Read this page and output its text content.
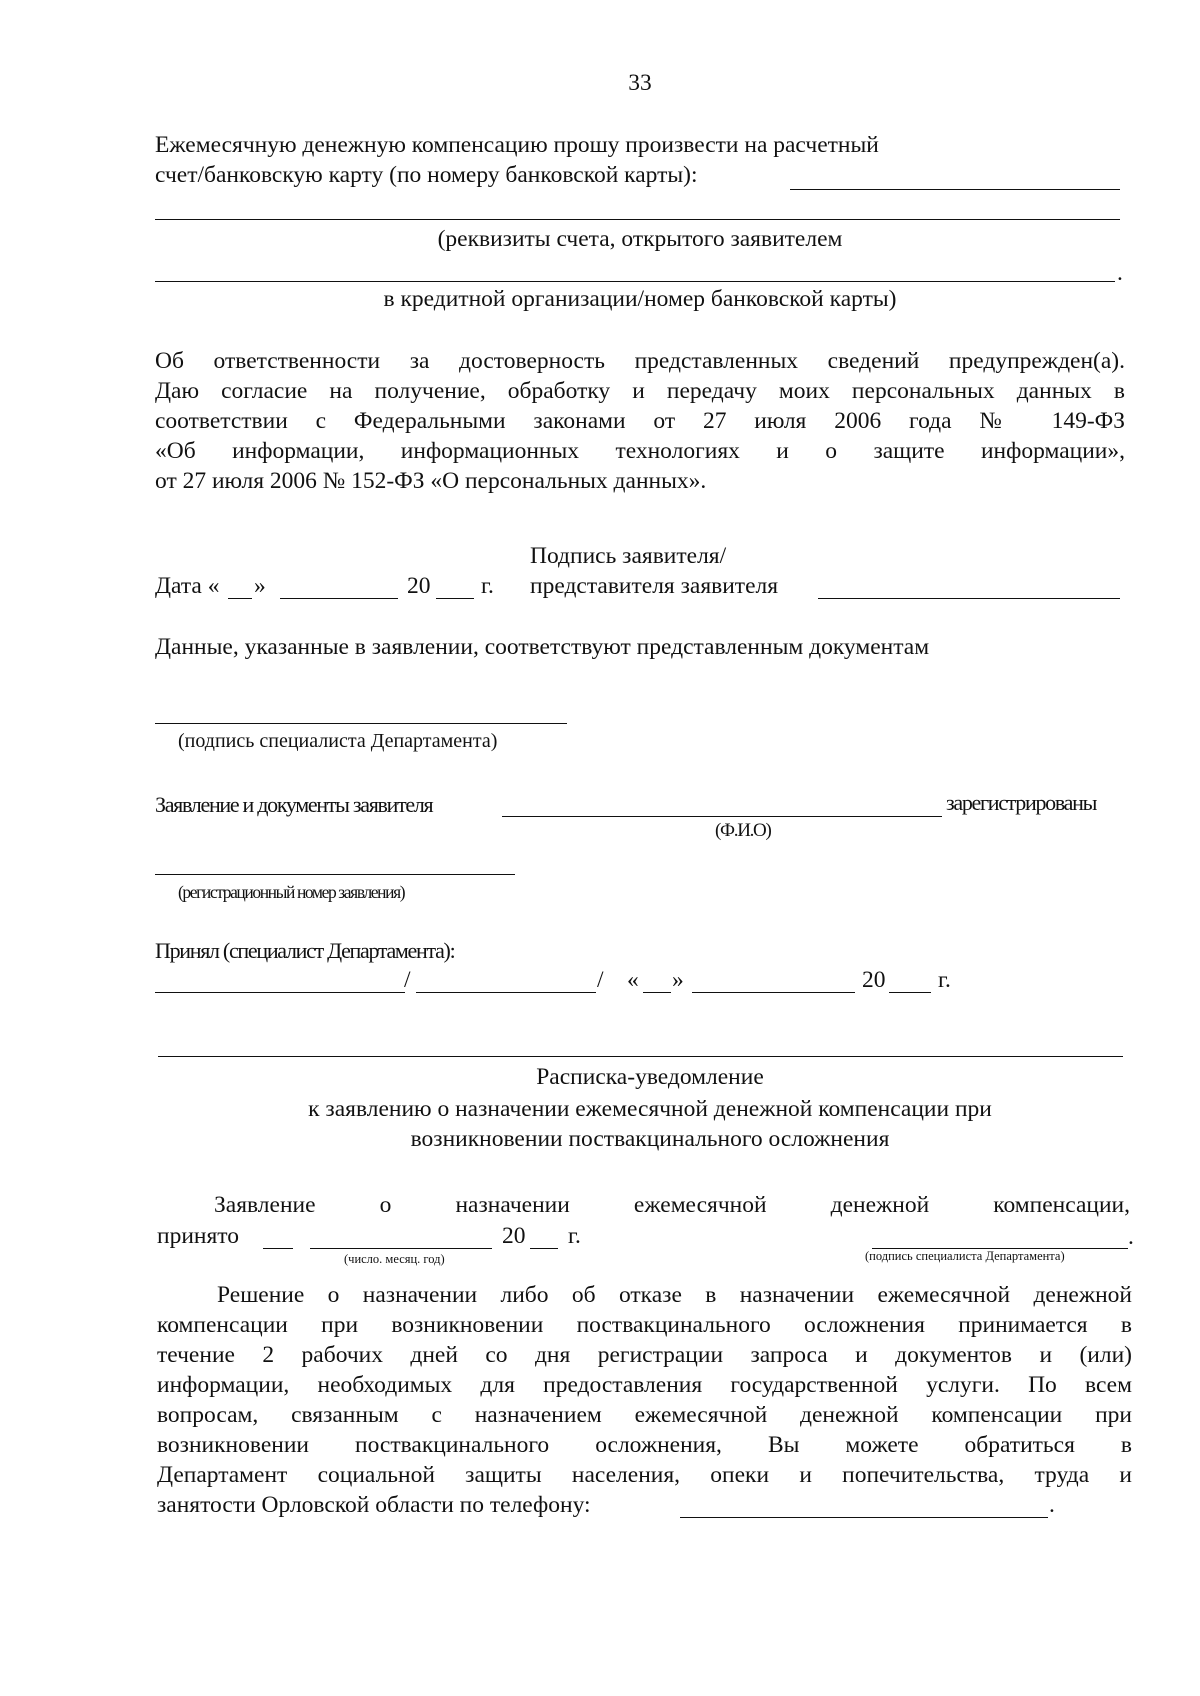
33
Ежемесячную денежную компенсацию прошу произвести на расчетный
счет/банковскую карту (по номеру банковской карты):
(реквизиты счета, открытого заявителем
.
в кредитной организации/номер банковской карты)
Об ответственности за достоверность представленных сведений предупрежден(а).
Даю согласие на получение, обработку и передачу моих персональных данных в
соответствии с Федеральными законами от 27 июля 2006 года № 149-ФЗ
«Об информации, информационных технологиях и о защите информации»,
от 27 июля 2006 № 152-ФЗ «О персональных данных».
Подпись заявителя/
Дата « »	20 г. представителя заявителя
Данные, указанные в заявлении, соответствуют представленным документам
(подпись специалиста Департамента)
Заявление и документы заявителя	зарегистрированы
(Ф.И.О)
(регистрационный номер заявления)
Принял (специалист Департамента):
/	/ « »	20 г.
Расписка-уведомление
к заявлению о назначении ежемесячной денежной компенсации при
возникновении поствакцинального осложнения
Заявление о назначении ежемесячной денежной компенсации,
принято	20 г.
(число. месяц. год)
.
(подпись специалиста Департамента)
Решение о назначении либо об отказе в назначении ежемесячной денежной
компенсации при возникновении поствакцинального осложнения принимается в
течение 2 рабочих дней со дня регистрации запроса и документов и (или)
информации, необходимых для предоставления государственной услуги. По всем
вопросам, связанным с назначением ежемесячной денежной компенсации при
возникновении поствакцинального осложнения, Вы можете обратиться в
Департамент социальной защиты населения, опеки и попечительства, труда и
занятости Орловской области по телефону:	.
